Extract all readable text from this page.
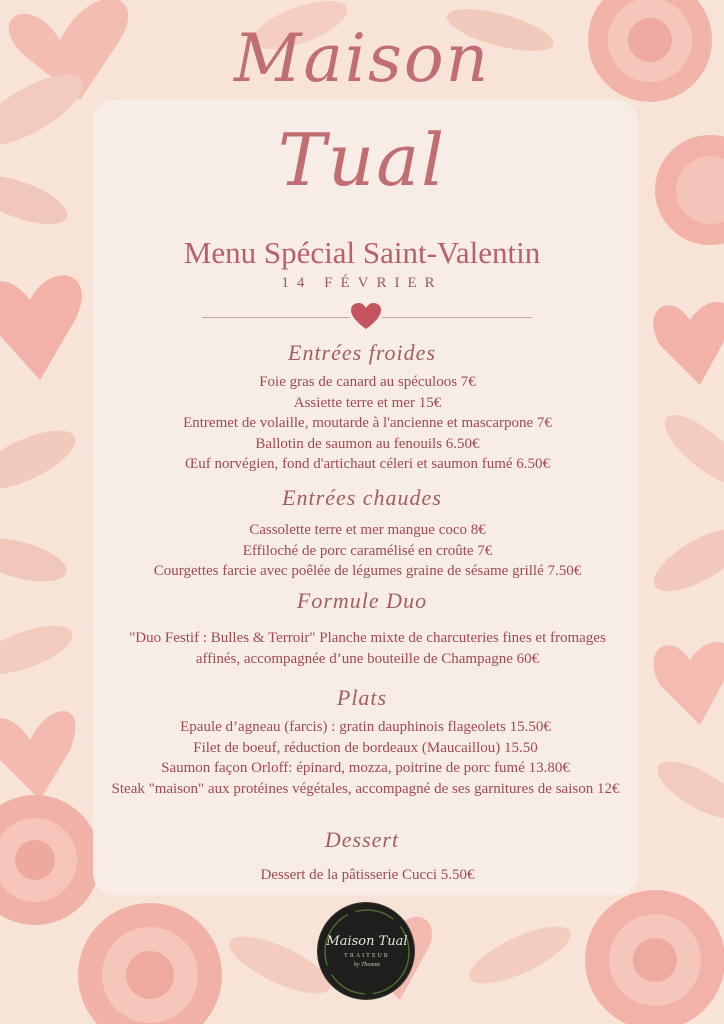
Maison
Tual
Menu Spécial Saint-Valentin
14 FÉVRIER
Entrées froides
Foie gras de canard au spéculoos 7€
Assiette terre et mer 15€
Entremet de volaille, moutarde à l'ancienne et mascarpone 7€
Ballotin de saumon au fenouils 6.50€
Œuf norvégien, fond d'artichaut céleri et saumon fumé 6.50€
Entrées chaudes
Cassolette terre et mer mangue coco 8€
Effiloché de porc caramélisé en croûte 7€
Courgettes farcie avec poêlée de légumes graine de sésame grillé 7.50€
Formule Duo
"Duo Festif : Bulles & Terroir" Planche mixte de charcuteries fines et fromages affinés, accompagnée d’une bouteille de Champagne 60€
Plats
Epaule d’agneau (farcis) : gratin dauphinois flageolets 15.50€
Filet de boeuf, réduction de bordeaux (Maucaillou) 15.50
Saumon façon Orloff: épinard, mozza, poitrine de porc fumé 13.80€
Steak "maison" aux protéines végétales, accompagné de ses garnitures de saison 12€
Dessert
Dessert de la pâtisserie Cucci 5.50€
Maison Tual
TRAITEUR
by Thomas
